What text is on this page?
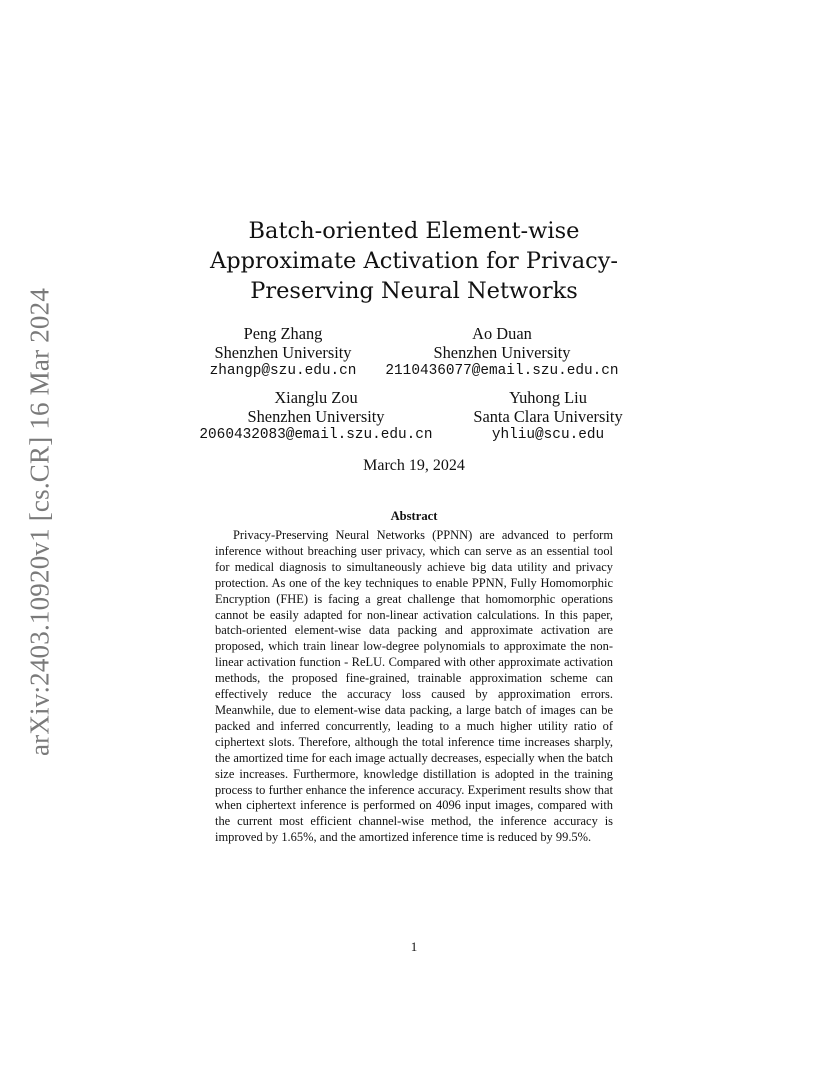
arXiv:2403.10920v1 [cs.CR] 16 Mar 2024
Batch-oriented Element-wise Approximate Activation for Privacy-Preserving Neural Networks
Peng Zhang
Shenzhen University
zhangp@szu.edu.cn
Ao Duan
Shenzhen University
2110436077@email.szu.edu.cn
Xianglu Zou
Shenzhen University
2060432083@email.szu.edu.cn
Yuhong Liu
Santa Clara University
yhliu@scu.edu
March 19, 2024
Abstract

Privacy-Preserving Neural Networks (PPNN) are advanced to perform inference without breaching user privacy, which can serve as an essential tool for medical diagnosis to simultaneously achieve big data utility and privacy protection. As one of the key techniques to enable PPNN, Fully Homomorphic Encryption (FHE) is facing a great challenge that homomorphic operations cannot be easily adapted for non-linear activation calculations. In this paper, batch-oriented element-wise data packing and approximate activation are proposed, which train linear low-degree polynomials to approximate the non-linear activation function - ReLU. Compared with other approximate activation methods, the proposed fine-grained, trainable approximation scheme can effectively reduce the accuracy loss caused by approximation errors. Meanwhile, due to element-wise data packing, a large batch of images can be packed and inferred concurrently, leading to a much higher utility ratio of ciphertext slots. Therefore, although the total inference time increases sharply, the amortized time for each image actually decreases, especially when the batch size increases. Furthermore, knowledge distillation is adopted in the training process to further enhance the inference accuracy. Experiment results show that when ciphertext inference is performed on 4096 input images, compared with the current most efficient channel-wise method, the inference accuracy is improved by 1.65%, and the amortized inference time is reduced by 99.5%.

1
